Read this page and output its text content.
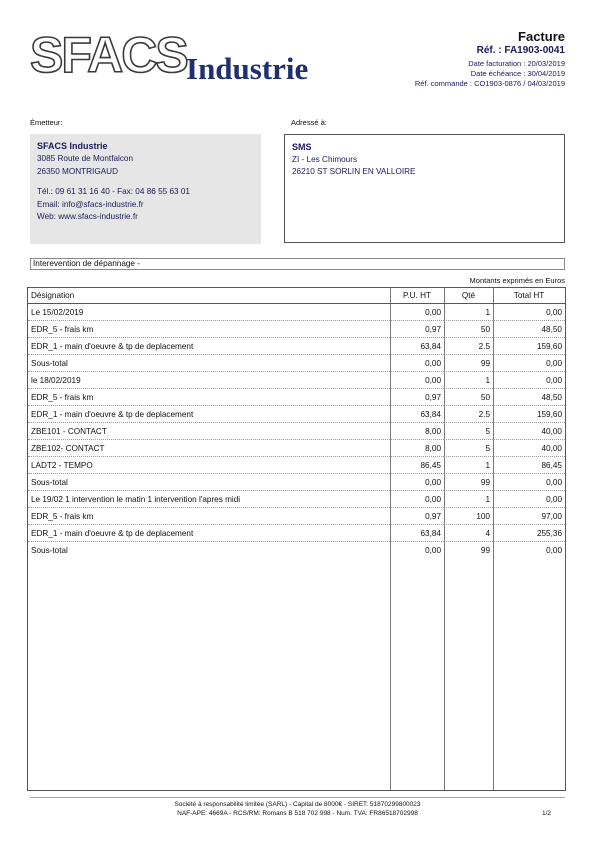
SFACS Industrie
Facture
Réf. : FA1903-0041
Date facturation : 20/03/2019
Date échéance : 30/04/2019
Réf. commande : CO1903-0876 / 04/03/2019
Émetteur:
SFACS Industrie
3085 Route de Montfalcon
26350 MONTRIGAUD
Tél.: 09 61 31 16 40 - Fax: 04 86 55 63 01
Email: info@sfacs-industrie.fr
Web: www.sfacs-industrie.fr
Adressé à:
SMS
ZI - Les Chimours
26210 ST SORLIN EN VALLOIRE
Interevention de dépannage -
Montants exprimés en Euros
Désignation	P.U. HT	Qté	Total HT
Le 15/02/2019	0,00	1	0,00
EDR_5 - frais km	0,97	50	48,50
EDR_1 - main d'oeuvre & tp de deplacement	63,84	2.5	159,60
Sous-total	0,00	99	0,00
le 18/02/2019	0,00	1	0,00
EDR_5 - frais km	0,97	50	48,50
EDR_1 - main d'oeuvre & tp de deplacement	63,84	2.5	159,60
ZBE101 - CONTACT	8,00	5	40,00
ZBE102- CONTACT	8,00	5	40,00
LADT2 - TEMPO	86,45	1	86,45
Sous-total	0,00	99	0,00
Le 19/02 1 intervention le matin 1 intervention l'apres midi	0,00	1	0,00
EDR_5 - frais km	0,97	100	97,00
EDR_1 - main d'oeuvre & tp de deplacement	63,84	4	255,36
Sous-total	0,00	99	0,00
Société à responsabilité limitée (SARL) - Capital de 8000€ - SIRET: 51870299800023
NAF-APE: 4669A - RCS/RM: Romans B 518 702 998 - Num. TVA: FR86518702998	1/2
